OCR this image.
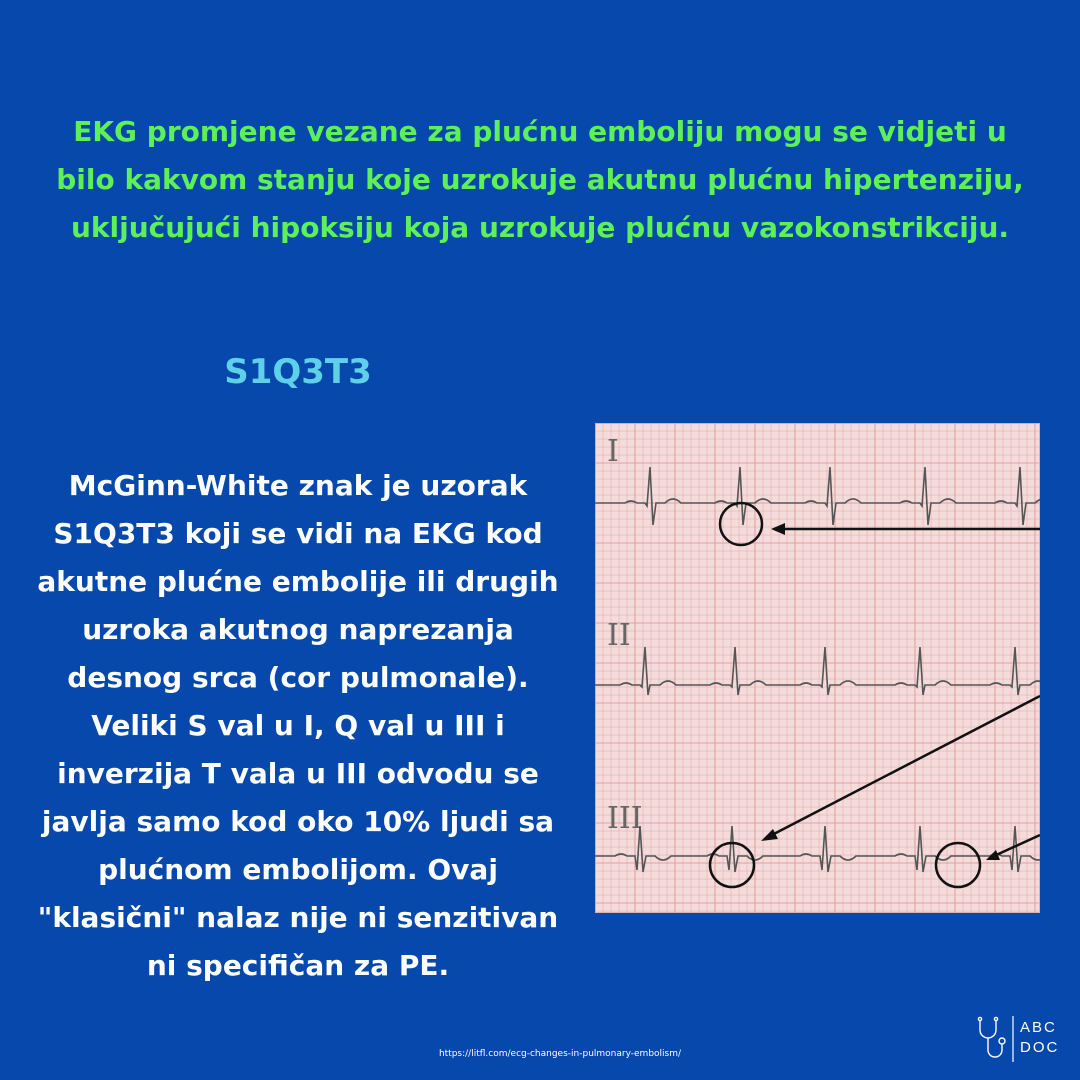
EKG promjene vezane za plućnu emboliju mogu se vidjeti u bilo kakvom stanju koje uzrokuje akutnu plućnu hipertenziju, uključujući hipoksiju koja uzrokuje plućnu vazokonstrikciju.
S1Q3T3
McGinn-White znak je uzorak S1Q3T3 koji se vidi na EKG kod akutne plućne embolije ili drugih uzroka akutnog naprezanja desnog srca (cor pulmonale). Veliki S val u I, Q val u III i inverzija T vala u III odvodu se javlja samo kod oko 10% ljudi sa plućnom embolijom. Ovaj "klasični" nalaz nije ni senzitivan ni specifičan za PE.
I
II
III
https://litfl.com/ecg-changes-in-pulmonary-embolism/
ABC
DOC
